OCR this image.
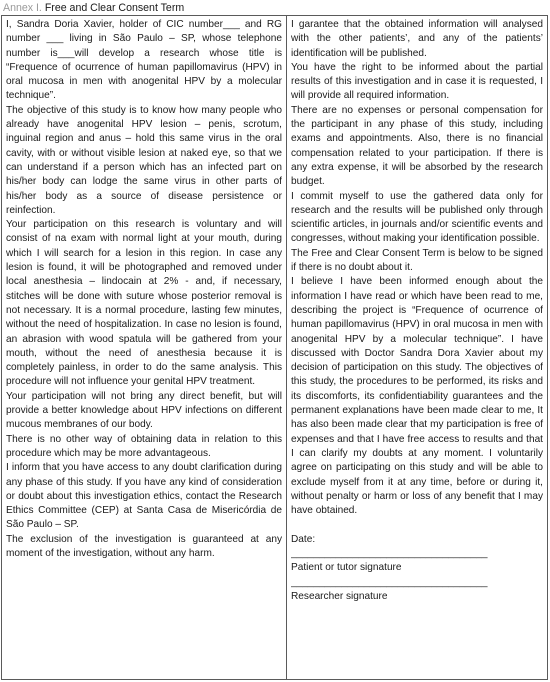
Annex I. Free and Clear Consent Term

I, Sandra Doria Xavier, holder of CIC number___ and RG number ___ living in São Paulo – SP, whose telephone number is___will develop a research whose title is “Frequence of ocurrence of human papillomavirus (HPV) in oral mucosa in men with anogenital HPV by a molecular technique”.

The objective of this study is to know how many people who already have anogenital HPV lesion – penis, scrotum, inguinal region and anus – hold this same virus in the oral cavity, with or without visible lesion at naked eye, so that we can understand if a person which has an infected part on his/her body can lodge the same virus in other parts of his/her body as a source of disease persistence or reinfection.

Your participation on this research is voluntary and will consist of na exam with normal light at your mouth, during which I will search for a lesion in this region. In case any lesion is found, it will be photographed and removed under local anesthesia – lindocain at 2% - and, if necessary, stitches will be done with suture whose posterior removal is not necessary. It is a normal procedure, lasting few minutes, without the need of hospitalization. In case no lesion is found, an abrasion with wood spatula will be gathered from your mouth, without the need of anesthesia because it is completely painless, in order to do the same analysis. This procedure will not influence your genital HPV treatment.

Your participation will not bring any direct benefit, but will provide a better knowledge about HPV infections on different mucous membranes of our body.

There is no other way of obtaining data in relation to this procedure which may be more advantageous.

I inform that you have access to any doubt clarification during any phase of this study. If you have any kind of consideration or doubt about this investigation ethics, contact the Research Ethics Committee (CEP) at Santa Casa de Misericórdia de São Paulo – SP.

The exclusion of the investigation is guaranteed at any moment of the investigation, without any harm.

I garantee that the obtained information will analysed with the other patients’, and any of the patients’ identification will be published.

You have the right to be informed about the partial results of this investigation and in case it is requested, I will provide all required information.

There are no expenses or personal compensation for the participant in any phase of this study, including exams and appointments. Also, there is no financial compensation related to your participation. If there is any extra expense, it will be absorbed by the research budget.

I commit myself to use the gathered data only for research and the results will be published only through scientific articles, in journals and/or scientific events and congresses, without making your identification possible.

The Free and Clear Consent Term is below to be signed if there is no doubt about it.

I believe I have been informed enough about the information I have read or which have been read to me, describing the project is “Frequence of ocurrence of human papillomavirus (HPV) in oral mucosa in men with anogenital HPV by a molecular technique”. I have discussed with Doctor Sandra Dora Xavier about my decision of participation on this study. The objectives of this study, the procedures to be performed, its risks and its discomforts, its confidentiability guarantees and the permanent explanations have been made clear to me, It has also been made clear that my participation is free of expenses and that I have free access to results and that I can clarify my doubts at any moment. I voluntarily agree on participating on this study and will be able to exclude myself from it at any time, before or during it, without penalty or harm or loss of any benefit that I may have obtained.

Date:

___________________________________

Patient or tutor signature

___________________________________

Researcher signature
